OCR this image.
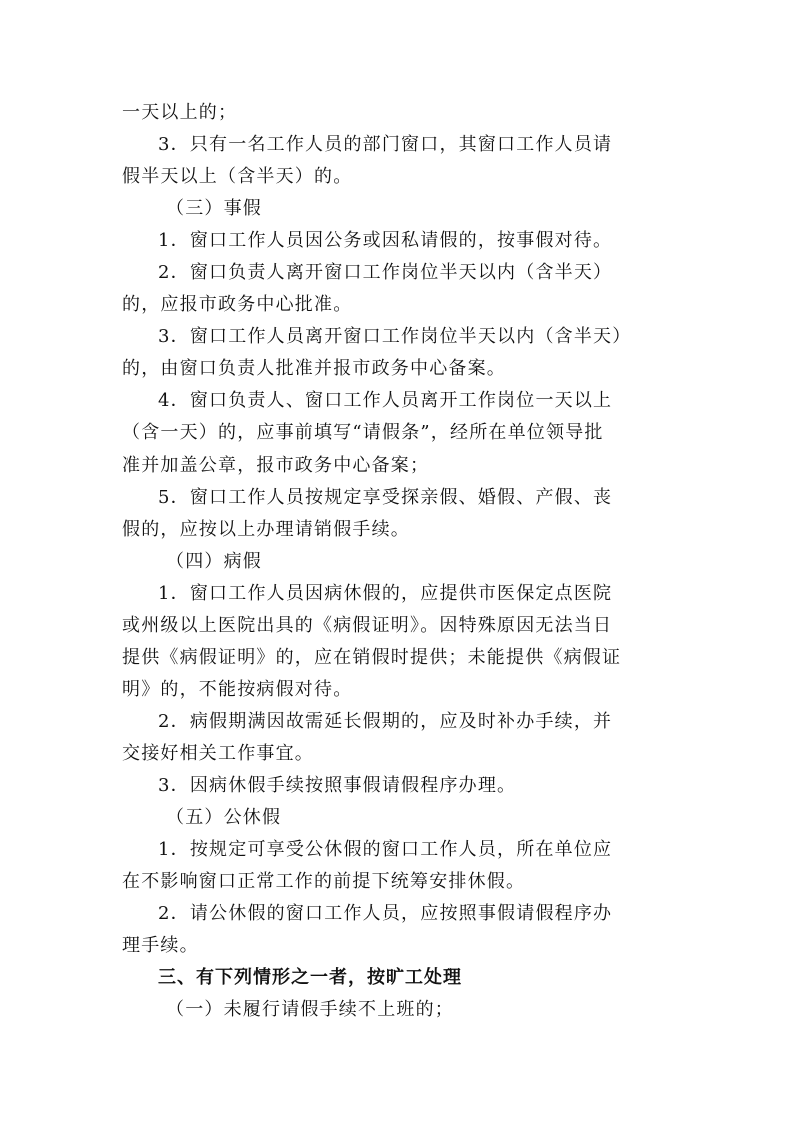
一天以上的；
3．只有一名工作人员的部门窗口，其窗口工作人员请
假半天以上（含半天）的。
（三）事假
1．窗口工作人员因公务或因私请假的，按事假对待。
2．窗口负责人离开窗口工作岗位半天以内（含半天）
的，应报市政务中心批准。
3．窗口工作人员离开窗口工作岗位半天以内（含半天）
的，由窗口负责人批准并报市政务中心备案。
4．窗口负责人、窗口工作人员离开工作岗位一天以上
（含一天）的，应事前填写“请假条”，经所在单位领导批
准并加盖公章，报市政务中心备案；
5．窗口工作人员按规定享受探亲假、婚假、产假、丧
假的，应按以上办理请销假手续。
（四）病假
1．窗口工作人员因病休假的，应提供市医保定点医院
或州级以上医院出具的《病假证明》。因特殊原因无法当日
提供《病假证明》的，应在销假时提供；未能提供《病假证
明》的，不能按病假对待。
2．病假期满因故需延长假期的，应及时补办手续，并
交接好相关工作事宜。
3．因病休假手续按照事假请假程序办理。
（五）公休假
1．按规定可享受公休假的窗口工作人员，所在单位应
在不影响窗口正常工作的前提下统筹安排休假。
2．请公休假的窗口工作人员，应按照事假请假程序办
理手续。
三、有下列情形之一者，按旷工处理
（一）未履行请假手续不上班的；
